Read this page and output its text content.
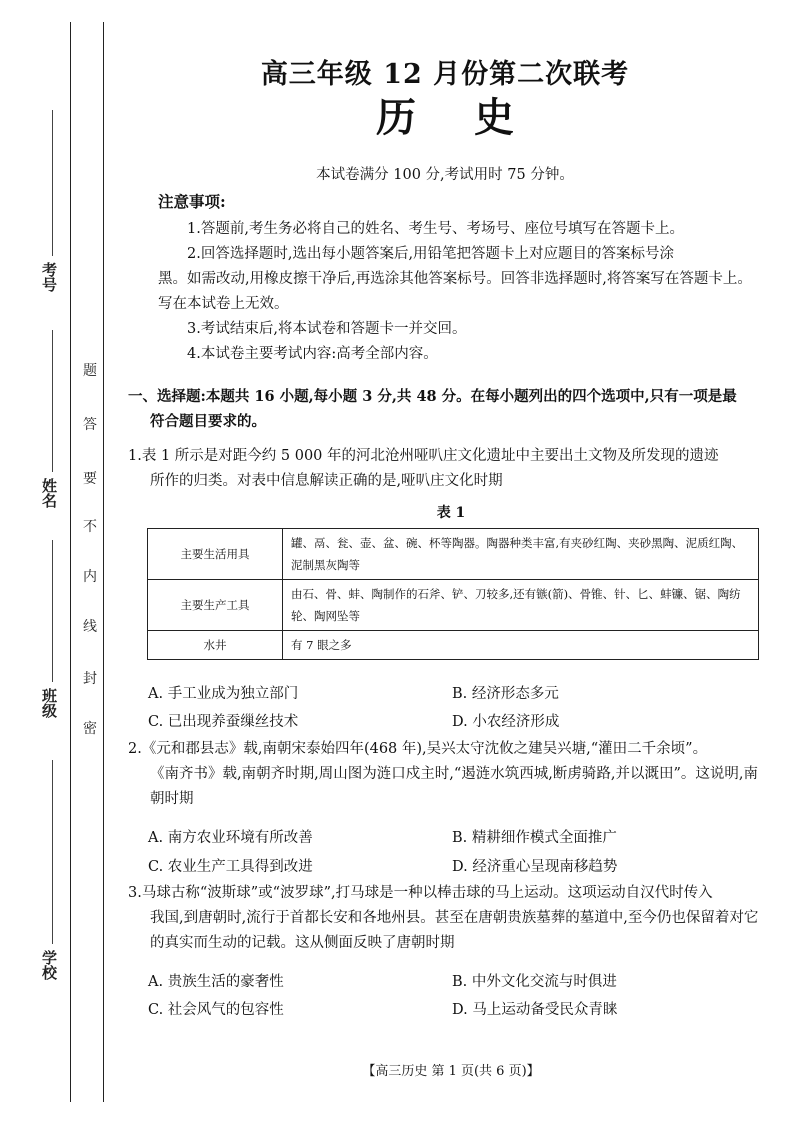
考号
姓名
班级
学校
题
答
要
不
内
线
封
密
高三年级 12 月份第二次联考
历史
本试卷满分 100 分,考试用时 75 分钟。
注意事项:
1.答题前,考生务必将自己的姓名、考生号、考场号、座位号填写在答题卡上。
2.回答选择题时,选出每小题答案后,用铅笔把答题卡上对应题目的答案标号涂
黑。如需改动,用橡皮擦干净后,再选涂其他答案标号。回答非选择题时,将答案写在答题卡上。写在本试卷上无效。
3.考试结束后,将本试卷和答题卡一并交回。
4.本试卷主要考试内容:高考全部内容。
一、选择题:本题共 16 小题,每小题 3 分,共 48 分。在每小题列出的四个选项中,只有一项是最
符合题目要求的。
1.表 1 所示是对距今约 5 000 年的河北沧州哑叭庄文化遗址中主要出土文物及所发现的遗迹
所作的归类。对表中信息解读正确的是,哑叭庄文化时期
表 1
主要生活用具	罐、鬲、瓮、壶、盆、碗、杯等陶器。陶器种类丰富,有夹砂红陶、夹砂黑陶、泥质红陶、泥制黑灰陶等
主要生产工具	由石、骨、蚌、陶制作的石斧、铲、刀较多,还有镞(箭)、骨锥、针、匕、蚌镰、锯、陶纺轮、陶网坠等
水井	有 7 眼之多
A. 手工业成为独立部门	B. 经济形态多元
C. 已出现养蚕缫丝技术	D. 小农经济形成
2.《元和郡县志》载,南朝宋泰始四年(468 年),吴兴太守沈攸之建吴兴塘,“灌田二千余顷”。
《南齐书》载,南朝齐时期,周山图为涟口戍主时,“遏涟水筑西城,断虏骑路,并以溉田”。这说明,南朝时期
A. 南方农业环境有所改善	B. 精耕细作模式全面推广
C. 农业生产工具得到改进	D. 经济重心呈现南移趋势
3.马球古称“波斯球”或“波罗球”,打马球是一种以棒击球的马上运动。这项运动自汉代时传入
我国,到唐朝时,流行于首都长安和各地州县。甚至在唐朝贵族墓葬的墓道中,至今仍也保留着对它的真实而生动的记载。这从侧面反映了唐朝时期
A. 贵族生活的豪奢性	B. 中外文化交流与时俱进
C. 社会风气的包容性	D. 马上运动备受民众青睐
【高三历史 第 1 页(共 6 页)】
